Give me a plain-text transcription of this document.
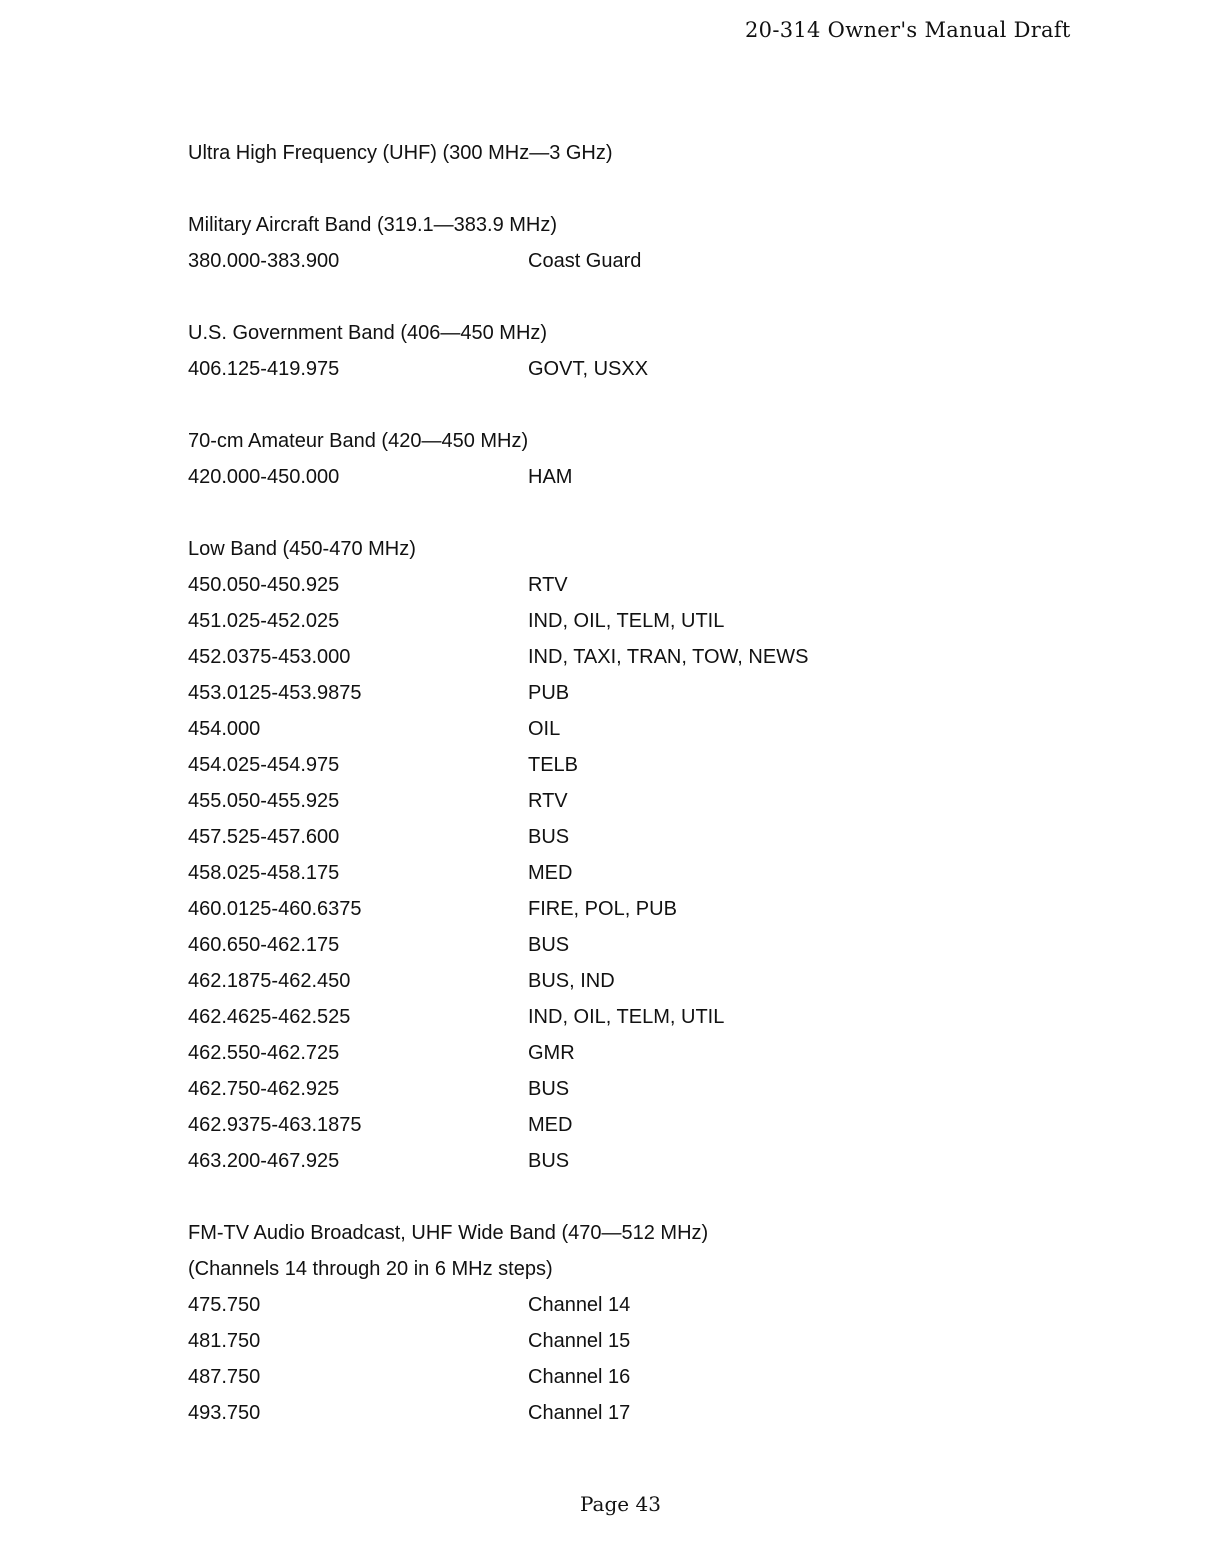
20-314 Owner's Manual Draft
Ultra High Frequency (UHF) (300 MHz—3 GHz)
Military Aircraft Band (319.1—383.9 MHz)
380.000-383.900	Coast Guard
U.S. Government Band (406—450 MHz)
406.125-419.975	GOVT, USXX
70-cm Amateur Band (420—450 MHz)
420.000-450.000	HAM
Low Band (450-470 MHz)
450.050-450.925	RTV
451.025-452.025	IND, OIL, TELM, UTIL
452.0375-453.000	IND, TAXI, TRAN, TOW, NEWS
453.0125-453.9875	PUB
454.000	OIL
454.025-454.975	TELB
455.050-455.925	RTV
457.525-457.600	BUS
458.025-458.175	MED
460.0125-460.6375	FIRE, POL, PUB
460.650-462.175	BUS
462.1875-462.450	BUS, IND
462.4625-462.525	IND, OIL, TELM, UTIL
462.550-462.725	GMR
462.750-462.925	BUS
462.9375-463.1875	MED
463.200-467.925	BUS
FM-TV Audio Broadcast, UHF Wide Band (470—512 MHz)
(Channels 14 through 20 in 6 MHz steps)
475.750	Channel 14
481.750	Channel 15
487.750	Channel 16
493.750	Channel 17
Page 43
